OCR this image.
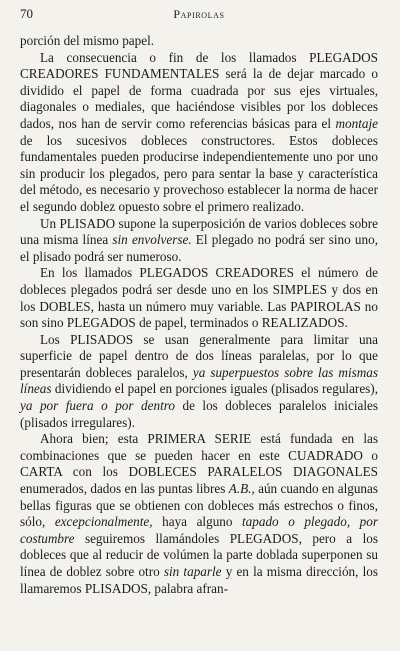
70	Papirolas

porción del mismo papel.

La consecuencia o fin de los llamados PLEGADOS CREADORES FUNDAMENTALES será la de dejar marcado o dividido el papel de forma cuadrada por sus ejes virtuales, diagonales o mediales, que haciéndose visibles por los dobleces dados, nos han de servir como referencias básicas para el montaje de los sucesivos dobleces constructores. Estos dobleces fundamentales pueden producirse independientemente uno por uno sin producir los plegados, pero para sentar la base y característica del método, es necesario y provechoso establecer la norma de hacer el segundo doblez opuesto sobre el primero realizado.

Un PLISADO supone la superposición de varios dobleces sobre una misma línea sin envolverse. El plegado no podrá ser sino uno, el plisado podrá ser numeroso.

En los llamados PLEGADOS CREADORES el número de dobleces plegados podrá ser desde uno en los SIMPLES y dos en los DOBLES, hasta un número muy variable. Las PAPIROLAS no son sino PLEGADOS de papel, terminados o REALIZADOS.

Los PLISADOS se usan generalmente para limitar una superficie de papel dentro de dos líneas paralelas, por lo que presentarán dobleces paralelos, ya superpuestos sobre las mismas líneas dividiendo el papel en porciones iguales (plisados regulares), ya por fuera o por dentro de los dobleces paralelos iniciales (plisados irregulares).

Ahora bien; esta PRIMERA SERIE está fundada en las combinaciones que se pueden hacer en este CUADRADO o CARTA con los DOBLECES PARALELOS DIAGONALES enumerados, dados en las puntas libres A.B., aún cuando en algunas bellas figuras que se obtienen con dobleces más estrechos o finos, sólo, excepcionalmente, haya alguno tapado o plegado, por costumbre seguiremos llamándoles PLEGADOS, pero a los dobleces que al reducir de volúmen la parte doblada superponen su línea de doblez sobre otro sin taparle y en la misma dirección, los llamaremos PLISADOS, palabra afran-
